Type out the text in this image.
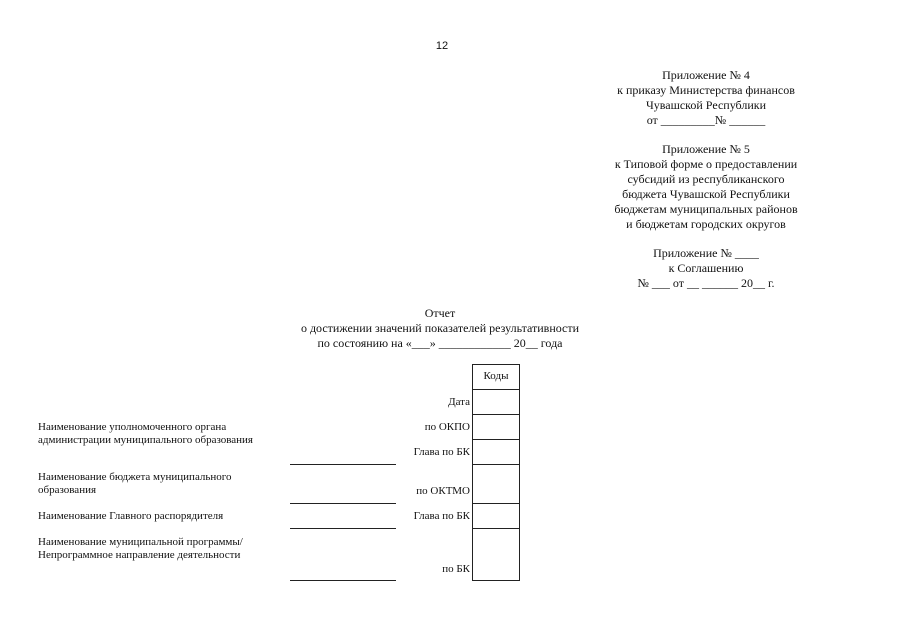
12
Приложение № 4
к приказу Министерства финансов
Чувашской Республики
от _________№ ______
Приложение № 5
к Типовой форме о предоставлении
субсидий из республиканского
бюджета Чувашской Республики
бюджетам муниципальных районов
и бюджетам городских округов
Приложение № ____
к Соглашению
№ ___ от __ ______ 20__ г.
Отчет
о достижении значений показателей результативности
по состоянию на «___» ____________ 20__ года
Коды
Дата
по ОКПО
Глава по БК
по ОКТМО
Глава по БК
по БК
Наименование уполномоченного органа администрации муниципального образования
Наименование бюджета муниципального образования
Наименование Главного распорядителя
Наименование муниципальной программы/Непрограммное направление деятельности
